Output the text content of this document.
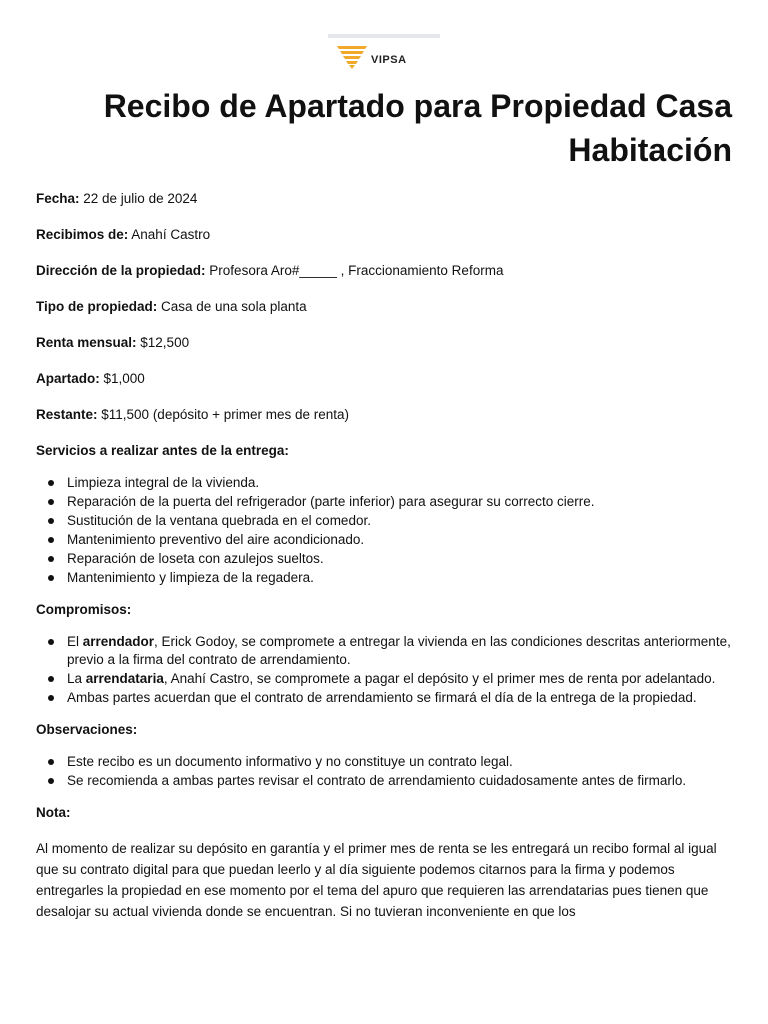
VIPSA
Recibo de Apartado para Propiedad Casa Habitación

Fecha: 22 de julio de 2024

Recibimos de: Anahí Castro

Dirección de la propiedad: Profesora Aro#_____ , Fraccionamiento Reforma

Tipo de propiedad: Casa de una sola planta

Renta mensual: $12,500

Apartado: $1,000

Restante: $11,500 (depósito + primer mes de renta)

Servicios a realizar antes de la entrega:
Limpieza integral de la vivienda.
Reparación de la puerta del refrigerador (parte inferior) para asegurar su correcto cierre.
Sustitución de la ventana quebrada en el comedor.
Mantenimiento preventivo del aire acondicionado.
Reparación de loseta con azulejos sueltos.
Mantenimiento y limpieza de la regadera.
Compromisos:
El arrendador, Erick Godoy, se compromete a entregar la vivienda en las condiciones descritas anteriormente, previo a la firma del contrato de arrendamiento.
La arrendataria, Anahí Castro, se compromete a pagar el depósito y el primer mes de renta por adelantado.
Ambas partes acuerdan que el contrato de arrendamiento se firmará el día de la entrega de la propiedad.
Observaciones:
Este recibo es un documento informativo y no constituye un contrato legal.
Se recomienda a ambas partes revisar el contrato de arrendamiento cuidadosamente antes de firmarlo.
Nota:

Al momento de realizar su depósito en garantía y el primer mes de renta se les entregará un recibo formal al igual que su contrato digital para que puedan leerlo y al día siguiente podemos citarnos para la firma y podemos entregarles la propiedad en ese momento por el tema del apuro que requieren las arrendatarias pues tienen que desalojar su actual vivienda donde se encuentran. Si no tuvieran inconveniente en que los
